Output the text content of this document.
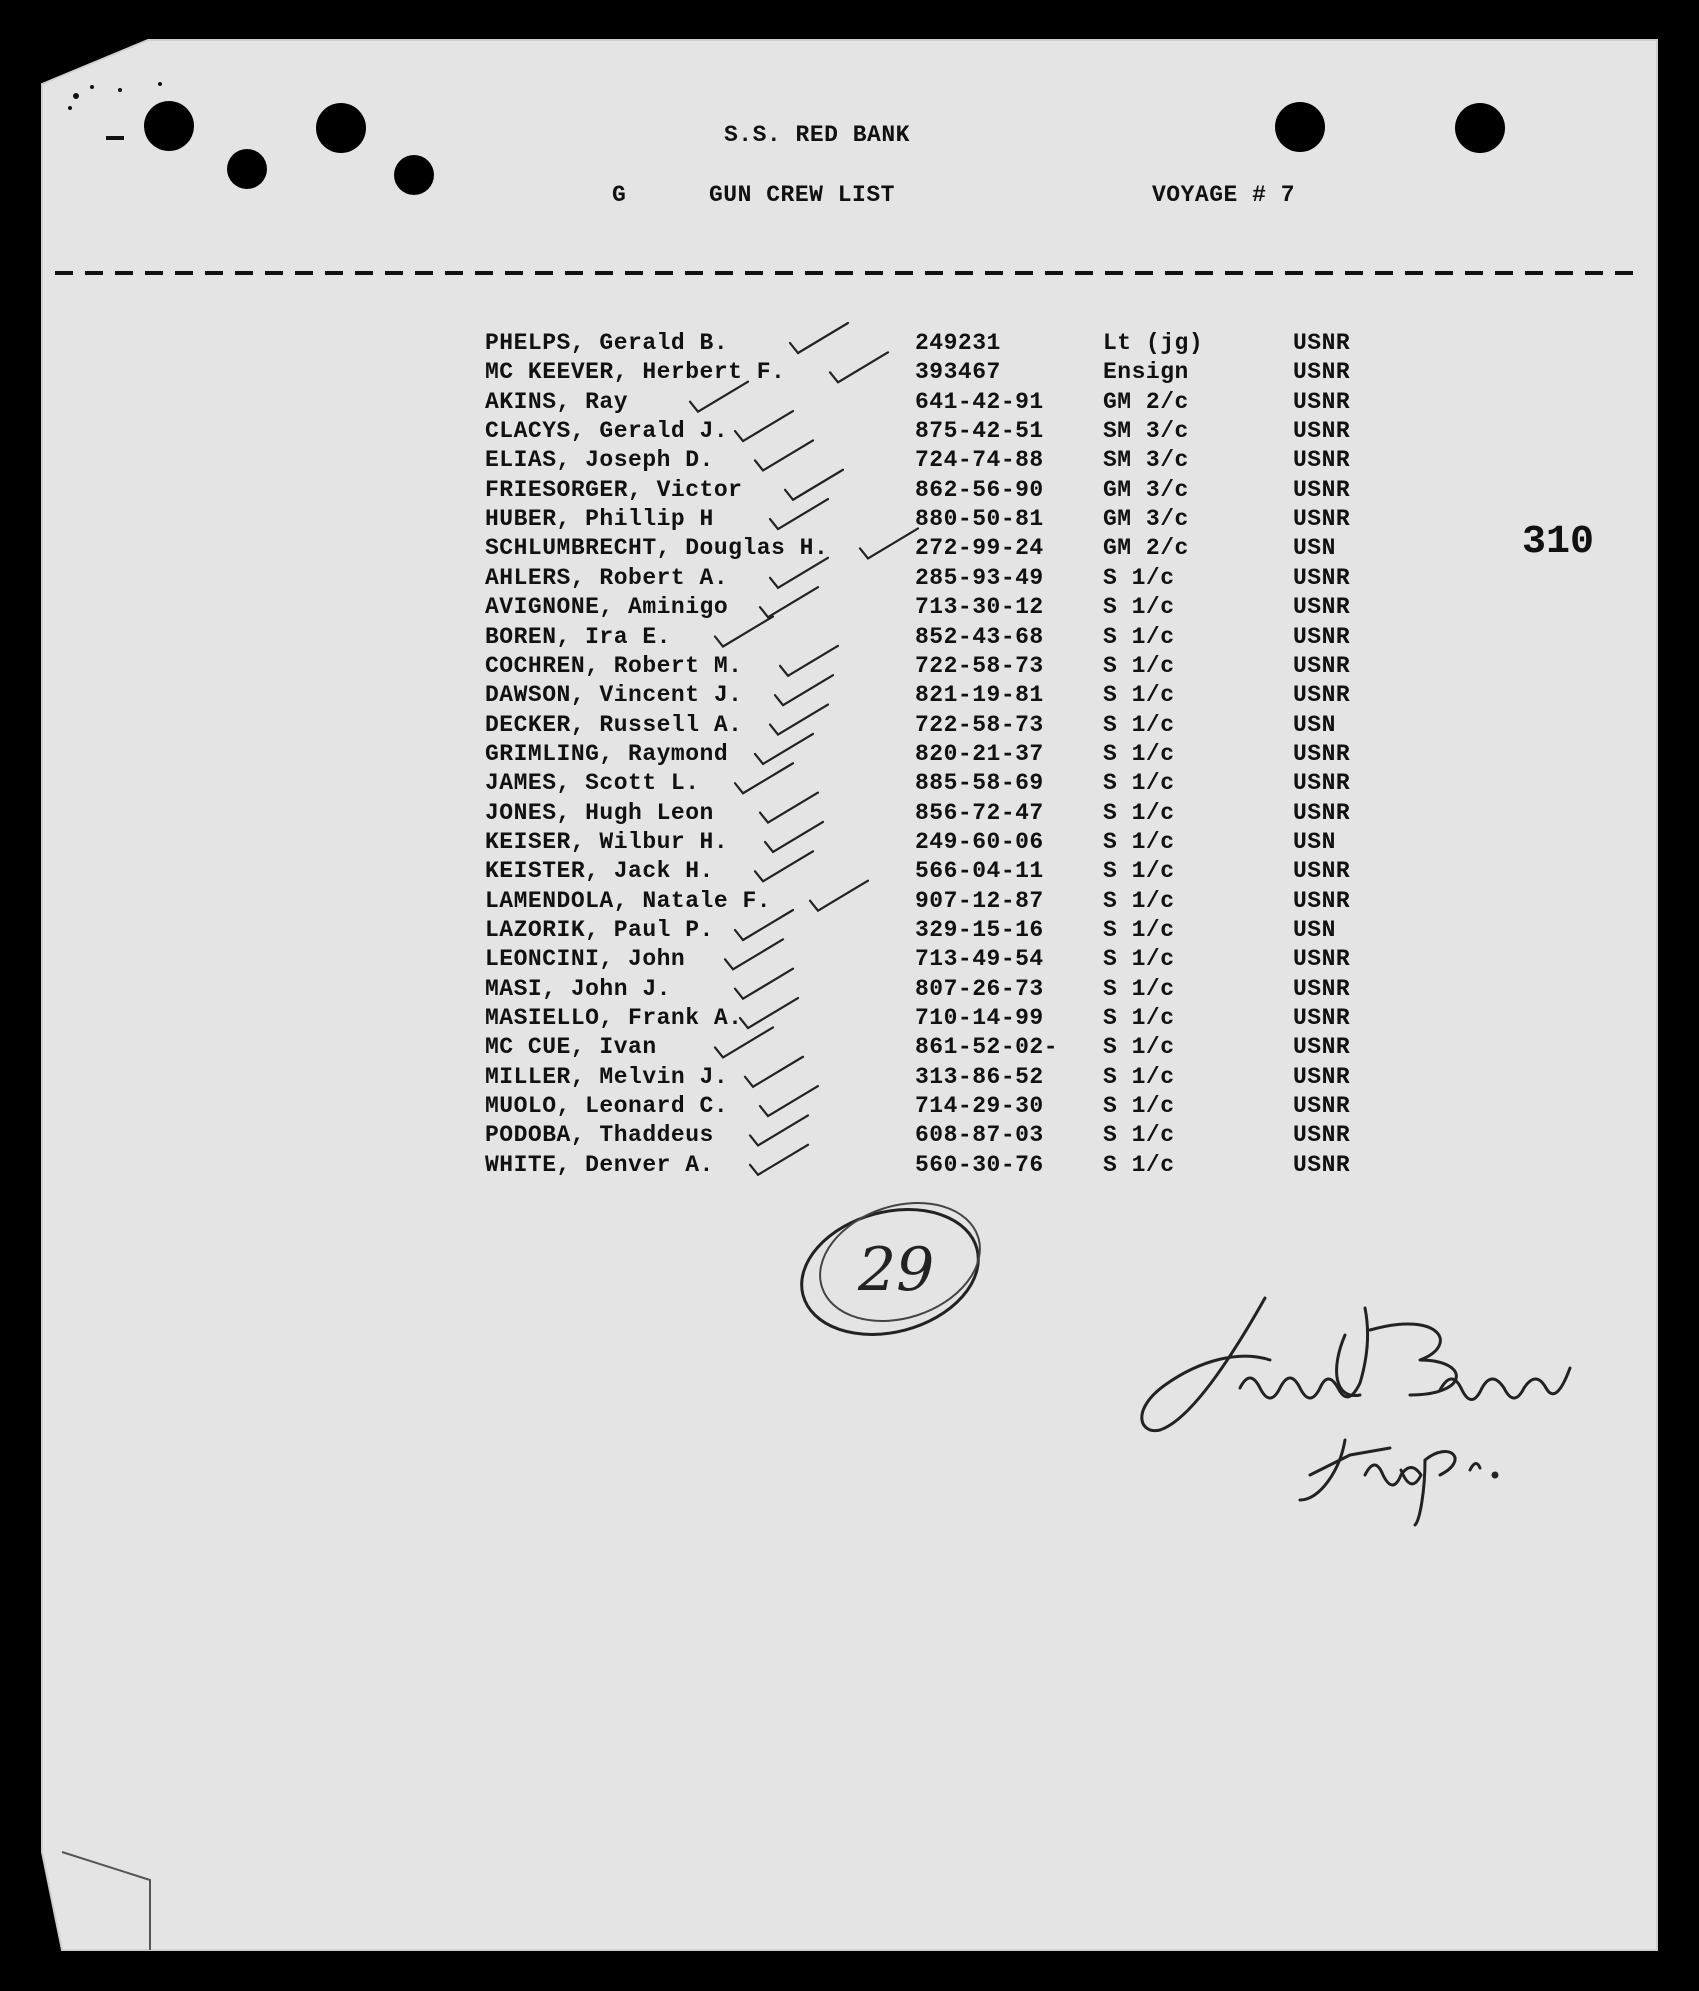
29
S.S. RED BANK
G	GUN CREW LIST	VOYAGE # 7
310
PHELPS, Gerald B.	249231	Lt (jg)	USNR
MC KEEVER, Herbert F.	393467	Ensign	USNR
AKINS, Ray	641-42-91	GM 2/c	USNR
CLACYS, Gerald J.	875-42-51	SM 3/c	USNR
ELIAS, Joseph D.	724-74-88	SM 3/c	USNR
FRIESORGER, Victor	862-56-90	GM 3/c	USNR
HUBER, Phillip H	880-50-81	GM 3/c	USNR
SCHLUMBRECHT, Douglas H.	272-99-24	GM 2/c	USN
AHLERS, Robert A.	285-93-49	S 1/c	USNR
AVIGNONE, Aminigo	713-30-12	S 1/c	USNR
BOREN, Ira E.	852-43-68	S 1/c	USNR
COCHREN, Robert M.	722-58-73	S 1/c	USNR
DAWSON, Vincent J.	821-19-81	S 1/c	USNR
DECKER, Russell A.	722-58-73	S 1/c	USN
GRIMLING, Raymond	820-21-37	S 1/c	USNR
JAMES, Scott L.	885-58-69	S 1/c	USNR
JONES, Hugh Leon	856-72-47	S 1/c	USNR
KEISER, Wilbur H.	249-60-06	S 1/c	USN
KEISTER, Jack H.	566-04-11	S 1/c	USNR
LAMENDOLA, Natale F.	907-12-87	S 1/c	USNR
LAZORIK, Paul P.	329-15-16	S 1/c	USN
LEONCINI, John	713-49-54	S 1/c	USNR
MASI, John J.	807-26-73	S 1/c	USNR
MASIELLO, Frank A.	710-14-99	S 1/c	USNR
MC CUE, Ivan	861-52-02- S 1/c	USNR
MILLER, Melvin J.	313-86-52	S 1/c	USNR
MUOLO, Leonard C.	714-29-30	S 1/c	USNR
PODOBA, Thaddeus	608-87-03	S 1/c	USNR
WHITE, Denver A.	560-30-76	S 1/c	USNR
